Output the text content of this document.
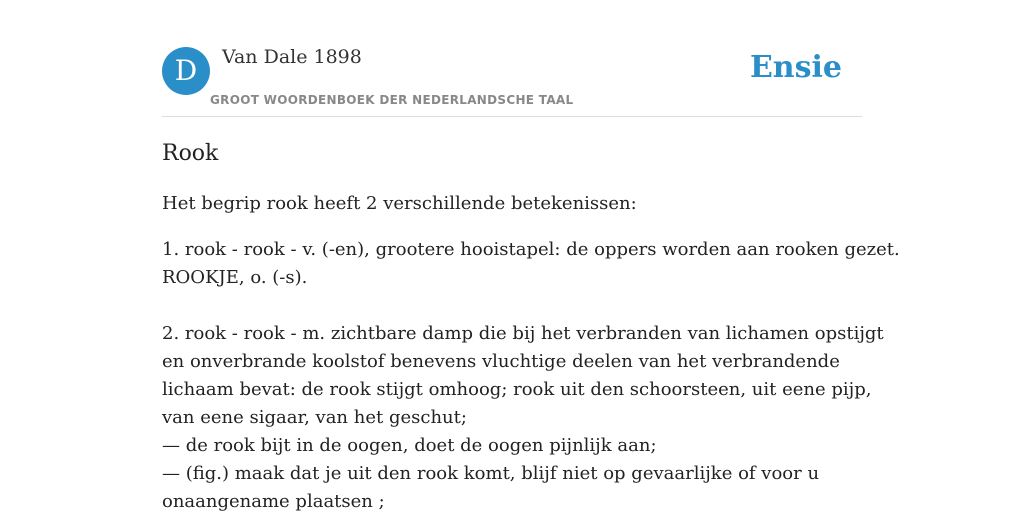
D	Van Dale 1898
GROOT WOORDENBOEK DER NEDERLANDSCHE TAAL
Ensie
Rook

Het begrip rook heeft 2 verschillende betekenissen:

1. rook - rook - v. (-en), grootere hooistapel: de oppers worden aan rooken gezet.
ROOKJE, o. (-s).

2. rook - rook - m. zichtbare damp die bij het verbranden van lichamen opstijgt
en onverbrande koolstof benevens vluchtige deelen van het verbrandende
lichaam bevat: de rook stijgt omhoog; rook uit den schoorsteen, uit eene pijp,
van eene sigaar, van het geschut;
— de rook bijt in de oogen, doet de oogen pijnlijk aan;
— (fig.) maak dat je uit den rook komt, blijf niet op gevaarlijke of voor u
onaangename plaatsen ;
